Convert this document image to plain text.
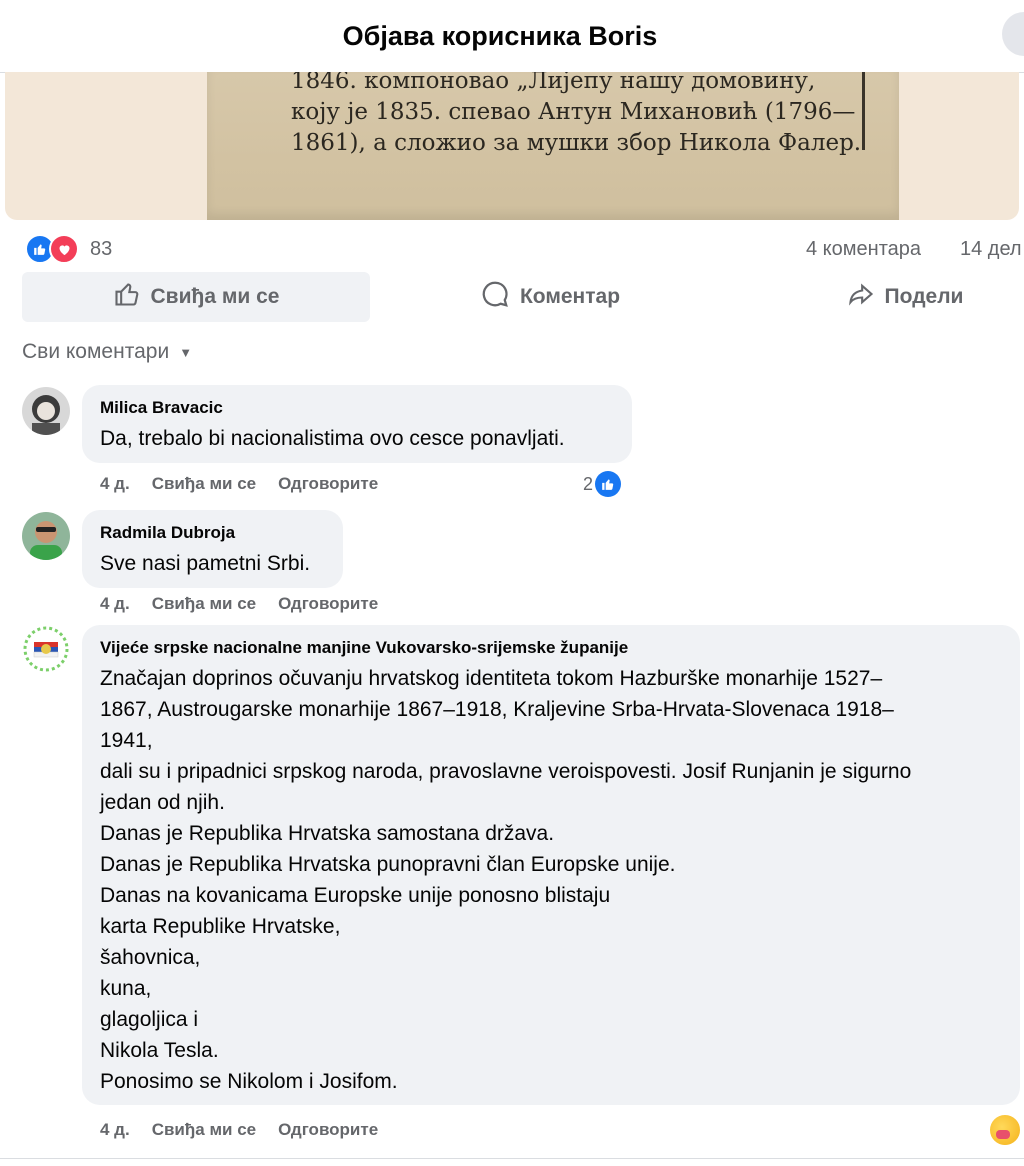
Објава корисника Boris
1846. компоновао „Лијепу нашу домовину,
коју је 1835. спевао Антун Михановић (1796—
1861), а сложио за мушки збор Никола Фалер.
83	4 коментара 14 дел
Свиђа ми се	Коментар	Подели
Сви коментари ▼
Milica Bravacic
Da, trebalo bi nacionalistima ovo cesce ponavljati.
4 д. Свиђа ми се Одговорите	2
Radmila Dubroja
Sve nasi pametni Srbi.
4 д. Свиђа ми се Одговорите
Vijeće srpske nacionalne manjine Vukovarsko-srijemske županije
Značajan doprinos očuvanju hrvatskog identiteta tokom Hazburške monarhije 1527–
1867, Austrougarske monarhije 1867–1918, Kraljevine Srba-Hrvata-Slovenaca 1918–
1941,
dali su i pripadnici srpskog naroda, pravoslavne veroispovesti. Josif Runjanin je sigurno
jedan od njih.
Danas je Republika Hrvatska samostana država.
Danas je Republika Hrvatska punopravni član Europske unije.
Danas na kovanicama Europske unije ponosno blistaju
karta Republike Hrvatske,
šahovnica,
kuna,
glagoljica i
Nikola Tesla.
Ponosimo se Nikolom i Josifom.
4 д. Свиђа ми се Одговорите
